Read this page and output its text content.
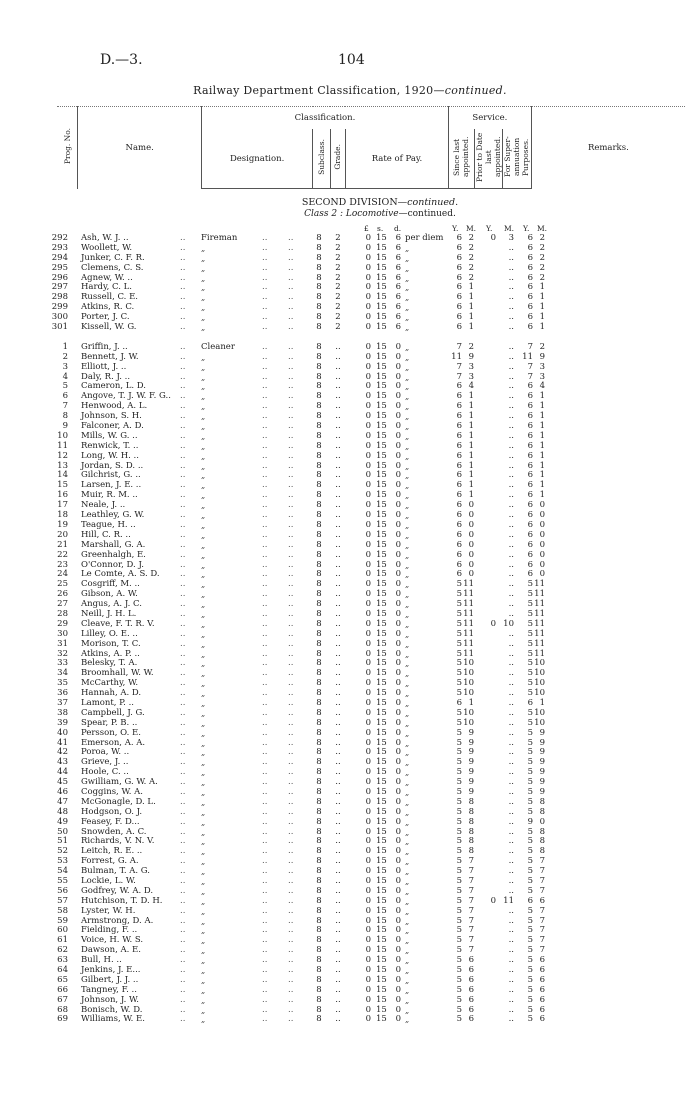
D.—3.	104
Railway Department Classification, 1920—continued.
Prog. No.	Name.	Classification.				Service.			Remarks.
		Designation.	Subclass.	Grade.	Rate of Pay.	Since last appointed.	Prior to Date last appointed.	For Super-annuation Purposes.	
SECOND DIVISION—continued.
Class 2 : Locomotive—continued.
£ s. d.	Y. M. Y. M. Y. M.
292 Ash, W. J. ..	.. Fireman	.. ..	8	2	0 15	6 per diem	6 2	0	3	6 2
293 Woollett, W.	.. „	.. ..	8	2	0 15	6 „	6 2	..	6 2
294 Junker, C. F. R.	.. „	.. ..	8	2	0 15	6 „	6 2	..	6 2
295 Clemens, C. S.	.. „	.. ..	8	2	0 15	6 „	6 2	..	6 2
296 Agnew, W. ..	.. „	.. ..	8	2	0 15	6 „	6 2	..	6 2
297 Hardy, C. L.	.. „	.. ..	8	2	0 15	6 „	6 1	..	6 1
298 Russell, C. E.	.. „	.. ..	8	2	0 15	6 „	6 1	..	6 1
299 Atkins, R. C.	.. „	.. ..	8	2	0 15	6 „	6 1	..	6 1
300 Porter, J. C.	.. „	.. ..	8	2	0 15	6 „	6 1	..	6 1
301 Kissell, W. G.	.. „	.. ..	8	2	0 15	6 „	6 1	..	6 1
1 Griffin, J. ..	.. Cleaner	.. ..	8	..	0 15	0 „	7 2	..	7 2
2 Bennett, J. W.	.. „	.. ..	8	..	0 15	0 „	11 9	.. 11 9
3 Elliott, J. ..	.. „	.. ..	8	..	0 15	0 „	7 3	..	7 3
4 Daly, R. J. ..	.. „	.. ..	8	..	0 15	0 „	7 3	..	7 3
5 Cameron, L. D.	.. „	.. ..	8	..	0 15	0 „	6 4	..	6 4
6 Angove, T. J. W. F. G.. .. „	.. ..	8	..	0 15	0 „	6 1	..	6 1
7 Henwood, A. L.	.. „	.. ..	8	..	0 15	0 „	6 1	..	6 1
8 Johnson, S. H.	.. „	.. ..	8	..	0 15	0 „	6 1	..	6 1
9 Falconer, A. D.	.. „	.. ..	8	..	0 15	0 „	6 1	..	6 1
10 Mills, W. G. ..	.. „	.. ..	8	..	0 15	0 „	6 1	..	6 1
11 Renwick, T. ..	.. „	.. ..	8	..	0 15	0 „	6 1	..	6 1
12 Long, W. H. ..	.. „	.. ..	8	..	0 15	0 „	6 1	..	6 1
13 Jordan, S. D. ..	.. „	.. ..	8	..	0 15	0 „	6 1	..	6 1
14 Gilchrist, G. ..	.. „	.. ..	8	..	0 15	0 „	6 1	..	6 1
15 Larsen, J. E. ..	.. „	.. ..	8	..	0 15	0 „	6 1	..	6 1
16 Muir, R. M. ..	.. „	.. ..	8	..	0 15	0 „	6 1	..	6 1
17 Neale, J. ..	.. „	.. ..	8	..	0 15	0 „	6 0	..	6 0
18 Leathley, G. W.	.. „	.. ..	8	..	0 15	0 „	6 0	..	6 0
19 Teague, H. ..	.. „	.. ..	8	..	0 15	0 „	6 0	..	6 0
20 Hill, C. R. ..	.. „	.. ..	8	..	0 15	0 „	6 0	..	6 0
21 Marshall, G. A.	.. „	.. ..	8	..	0 15	0 „	6 0	..	6 0
22 Greenhalgh, E.	.. „	.. ..	8	..	0 15	0 „	6 0	..	6 0
23 O'Connor, D. J.	.. „	.. ..	8	..	0 15	0 „	6 0	..	6 0
24 Le Comte, A. S. D. .. „	.. ..	8	..	0 15	0 „	6 0	..	6 0
25 Cosgriff, M. ..	.. „	.. ..	8	..	0 15	0 „	5 11	..	5 11
26 Gibson, A. W.	.. „	.. ..	8	..	0 15	0 „	5 11	..	5 11
27 Angus, A. J. C.	.. „	.. ..	8	..	0 15	0 „	5 11	..	5 11
28 Neill, J. H. L.	.. „	.. ..	8	..	0 15	0 „	5 11	..	5 11
29 Cleave, F. T. R. V.	.. „	.. ..	8	..	0 15	0 „	5 11	0 10	5 11
30 Lilley, O. E. ..	.. „	.. ..	8	..	0 15	0 „	5 11	..	5 11
31 Morison, T. C.	.. „	.. ..	8	..	0 15	0 „	5 11	..	5 11
32 Atkins, A. P. ..	.. „	.. ..	8	..	0 15	0 „	5 11	..	5 11
33 Belesky, T. A.	.. „	.. ..	8	..	0 15	0 „	5 10	..	5 10
34 Broomhall, W. W.	.. „	.. ..	8	..	0 15	0 „	5 10	..	5 10
35 McCarthy, W.	.. „	.. ..	8	..	0 15	0 „	5 10	..	5 10
36 Hannah, A. D.	.. „	.. ..	8	..	0 15	0 „	5 10	..	5 10
37 Lamont, P. ..	.. „	.. ..	8	..	0 15	0 „	6 1	..	6 1
38 Campbell, J. G.	.. „	.. ..	8	..	0 15	0 „	5 10	..	5 10
39 Spear, P. B. ..	.. „	.. ..	8	..	0 15	0 „	5 10	..	5 10
40 Persson, O. E.	.. „	.. ..	8	..	0 15	0 „	5 9	..	5 9
41 Emerson, A. A.	.. „	.. ..	8	..	0 15	0 „	5 9	..	5 9
42 Poroa, W. ..	.. „	.. ..	8	..	0 15	0 „	5 9	..	5 9
43 Grieve, J. ..	.. „	.. ..	8	..	0 15	0 „	5 9	..	5 9
44 Hoole, C. ..	.. „	.. ..	8	..	0 15	0 „	5 9	..	5 9
45 Gwilliam, G. W. A.	.. „	.. ..	8	..	0 15	0 „	5 9	..	5 9
46 Coggins, W. A.	.. „	.. ..	8	..	0 15	0 „	5 9	..	5 9
47 McGonagle, D. L.	.. „	.. ..	8	..	0 15	0 „	5 8	..	5 8
48 Hodgson, O. J.	.. „	.. ..	8	..	0 15	0 „	5 8	..	5 8
49 Feasey, F. D...	.. „	.. ..	8	..	0 15	0 „	5 8	..	9 0
50 Snowden, A. C.	.. „	.. ..	8	..	0 15	0 „	5 8	..	5 8
51 Richards, V. N. V.	.. „	.. ..	8	..	0 15	0 „	5 8	..	5 8
52 Leitch, R. E. ..	.. „	.. ..	8	..	0 15	0 „	5 8	..	5 8
53 Forrest, G. A.	.. „	.. ..	8	..	0 15	0 „	5 7	..	5 7
54 Bulman, T. A. G.	.. „	.. ..	8	..	0 15	0 „	5 7	..	5 7
55 Lockie, L. W.	.. „	.. ..	8	..	0 15	0 „	5 7	..	5 7
56 Godfrey, W. A. D.	.. „	.. ..	8	..	0 15	0 „	5 7	..	5 7
57 Hutchison, T. D. H. .. „	.. ..	8	..	0 15	0 „	5 7	0 11	6 6
58 Lyster, W. H.	.. „	.. ..	8	..	0 15	0 „	5 7	..	5 7
59 Armstrong, D. A.	.. „	.. ..	8	..	0 15	0 „	5 7	..	5 7
60 Fielding, F. ..	.. „	.. ..	8	..	0 15	0 „	5 7	..	5 7
61 Voice, H. W. S.	.. „	.. ..	8	..	0 15	0 „	5 7	..	5 7
62 Dawson, A. E.	.. „	.. ..	8	..	0 15	0 „	5 7	..	5 7
63 Bull, H. ..	.. „	.. ..	8	..	0 15	0 „	5 6	..	5 6
64 Jenkins, J. E...	.. „	.. ..	8	..	0 15	0 „	5 6	..	5 6
65 Gilbert, J. J. ..	.. „	.. ..	8	..	0 15	0 „	5 6	..	5 6
66 Tangney, F. ..	.. „	.. ..	8	..	0 15	0 „	5 6	..	5 6
67 Johnson, J. W.	.. „	.. ..	8	..	0 15	0 „	5 6	..	5 6
68 Bonisch, W. D.	.. „	.. ..	8	..	0 15	0 „	5 6	..	5 6
69 Williams, W. E.	.. „	.. ..	8	..	0 15	0 „	5 6	..	5 6
